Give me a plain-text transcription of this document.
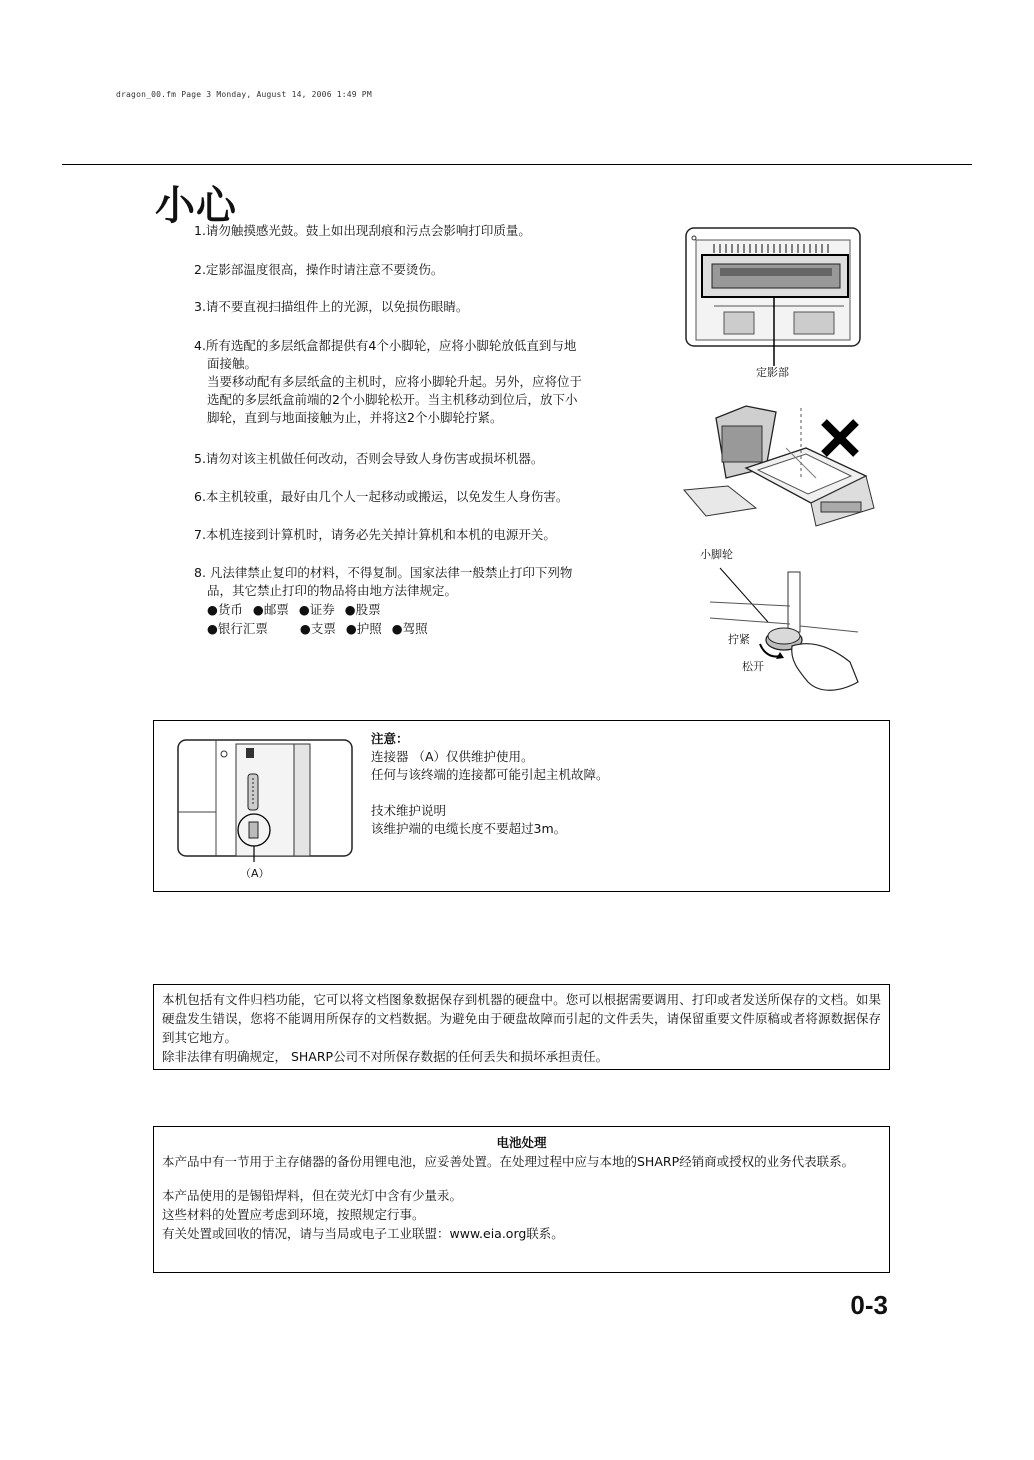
dragon_00.fm Page 3 Monday, August 14, 2006 1:49 PM
小心
1.请勿触摸感光鼓。鼓上如出现刮痕和污点会影响打印质量。
2.定影部温度很高，操作时请注意不要烫伤。
3.请不要直视扫描组件上的光源，以免损伤眼睛。
4.所有选配的多层纸盒都提供有4个小脚轮，应将小脚轮放低直到与地
面接触。
当要移动配有多层纸盒的主机时，应将小脚轮升起。另外，应将位于
选配的多层纸盒前端的2个小脚轮松开。当主机移动到位后，放下小
脚轮，直到与地面接触为止，并将这2个小脚轮拧紧。
5.请勿对该主机做任何改动，否则会导致人身伤害或损坏机器。
6.本主机较重，最好由几个人一起移动或搬运，以免发生人身伤害。
7.本机连接到计算机时，请务必先关掉计算机和本机的电源开关。
8. 凡法律禁止复印的材料，不得复制。国家法律一般禁止打印下列物
品，其它禁止打印的物品将由地方法律规定。
●货币 ●邮票 ●证券 ●股票
●银行汇票	●支票 ●护照 ●驾照
定影部
小脚轮
拧紧
松开
（A）
注意：
连接器 （A）仅供维护使用。
任何与该终端的连接都可能引起主机故障。

技术维护说明
该维护端的电缆长度不要超过3m。
本机包括有文件归档功能，它可以将文档图象数据保存到机器的硬盘中。您可以根据需要调用、打印或者发送所保存的文档。如果硬盘发生错误，您将不能调用所保存的文档数据。为避免由于硬盘故障而引起的文件丢失，请保留重要文件原稿或者将源数据保存到其它地方。
除非法律有明确规定， SHARP公司不对所保存数据的任何丢失和损坏承担责任。
电池处理
本产品中有一节用于主存储器的备份用锂电池，应妥善处置。在处理过程中应与本地的SHARP经销商或授权的业务代表联系。
本产品使用的是锡铅焊料，但在荧光灯中含有少量汞。
这些材料的处置应考虑到环境，按照规定行事。
有关处置或回收的情况，请与当局或电子工业联盟：www.eia.org联系。
0-3
